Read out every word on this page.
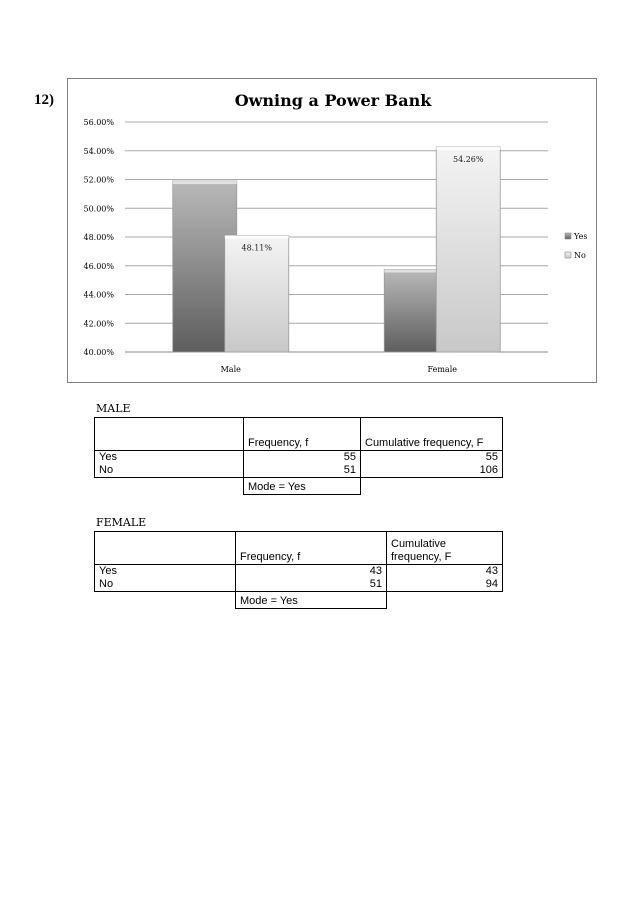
12)	Owning a Power Bank
40.00%
42.00%
44.00%
46.00%
48.00%
50.00%
52.00%
54.00%
56.00%
48.11%
Male
54.26%
Female
Yes
No
MALE
	Frequency, f	Cumulative frequency, F
Yes	55	55
No	51	106
	Mode = Yes	
FEMALE
	Frequency, f	Cumulative frequency, F
Yes	43	43
No	51	94
	Mode = Yes	
